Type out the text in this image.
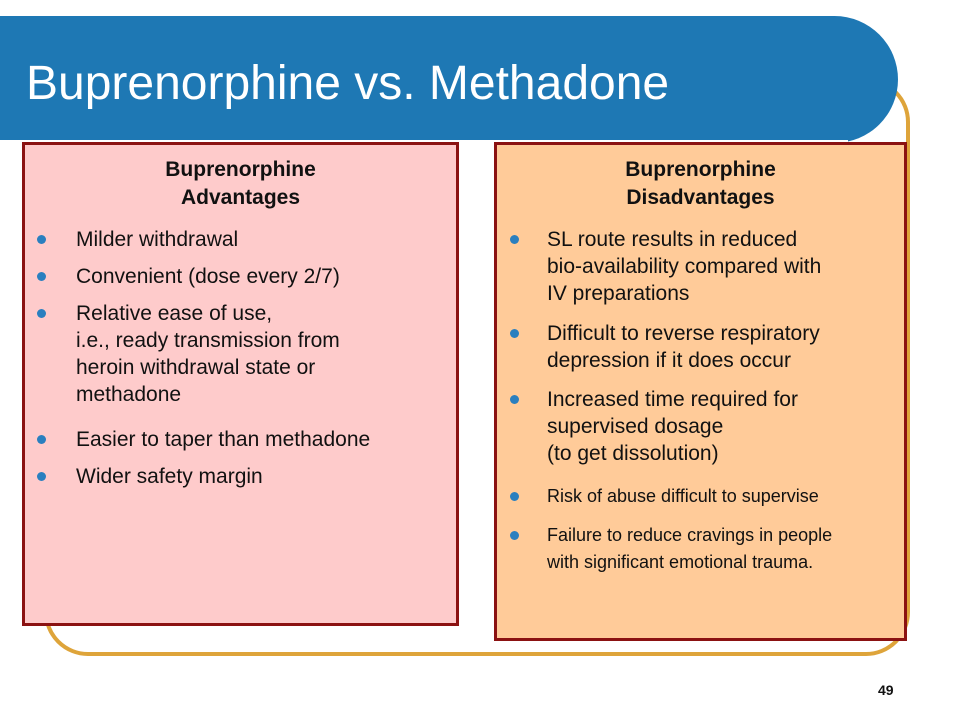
Buprenorphine vs. Methadone
Buprenorphine
Advantages
Milder withdrawal
Convenient (dose every 2/7)
Relative ease of use,
i.e., ready transmission from
heroin withdrawal state or
methadone
Easier to taper than methadone
Wider safety margin
Buprenorphine
Disadvantages
SL route results in reduced
bio-availability compared with
IV preparations
Difficult to reverse respiratory
depression if it does occur
Increased time required for
supervised dosage
(to get dissolution)
Risk of abuse difficult to supervise
Failure to reduce cravings in people
with significant emotional trauma.
49
